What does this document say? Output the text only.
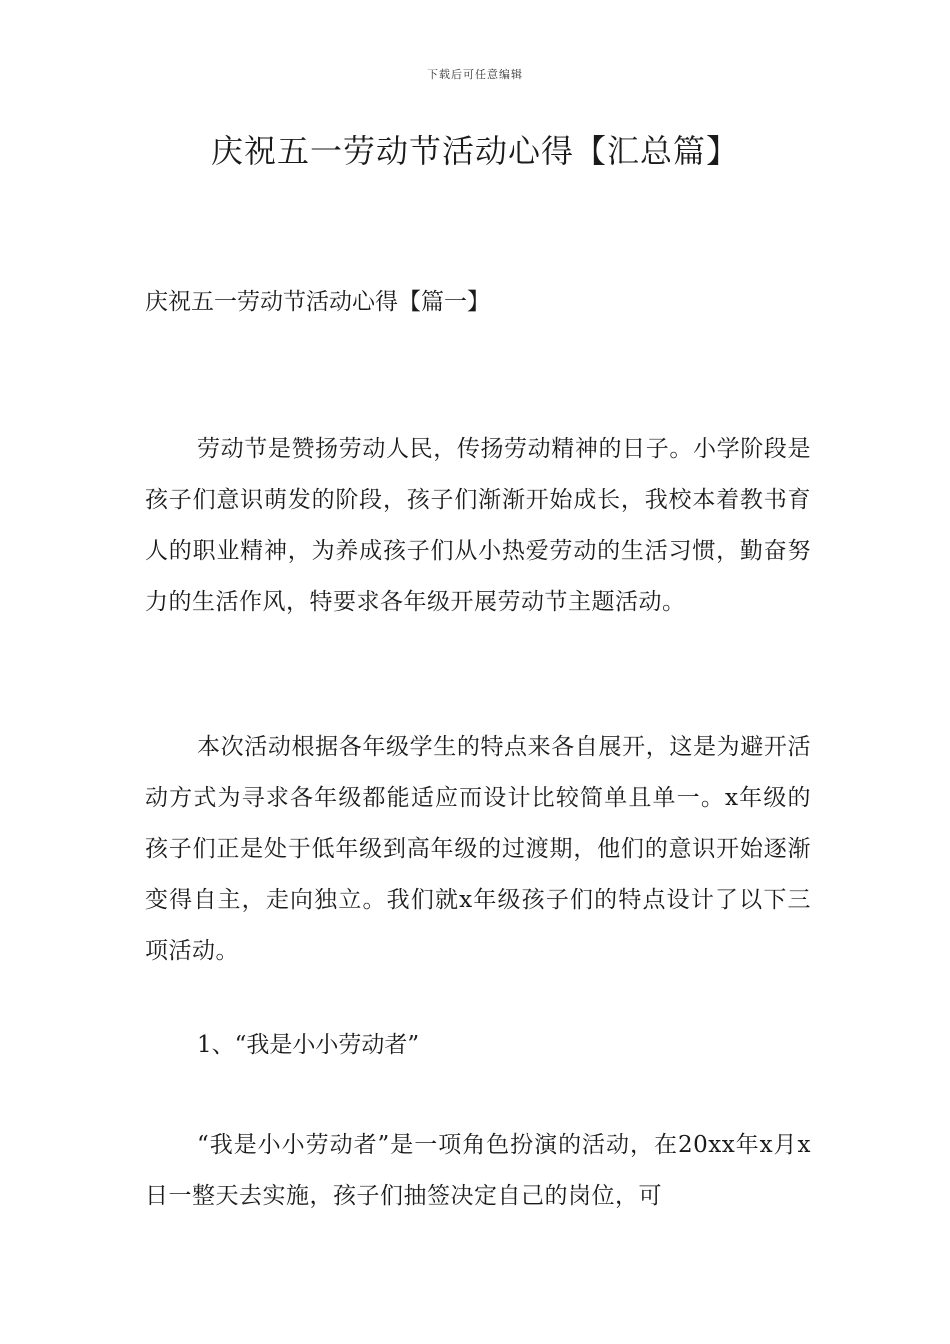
下载后可任意编辑
庆祝五一劳动节活动心得【汇总篇】
庆祝五一劳动节活动心得【篇一】

劳动节是赞扬劳动人民，传扬劳动精神的日子。小学阶段是孩子们意识萌发的阶段，孩子们渐渐开始成长，我校本着教书育人的职业精神，为养成孩子们从小热爱劳动的生活习惯，勤奋努力的生活作风，特要求各年级开展劳动节主题活动。

本次活动根据各年级学生的特点来各自展开，这是为避开活动方式为寻求各年级都能适应而设计比较简单且单一。x年级的孩子们正是处于低年级到高年级的过渡期，他们的意识开始逐渐变得自主，走向独立。我们就x年级孩子们的特点设计了以下三项活动。

1、“我是小小劳动者”

“我是小小劳动者”是一项角色扮演的活动，在20xx年x月x日一整天去实施，孩子们抽签决定自己的岗位，可
